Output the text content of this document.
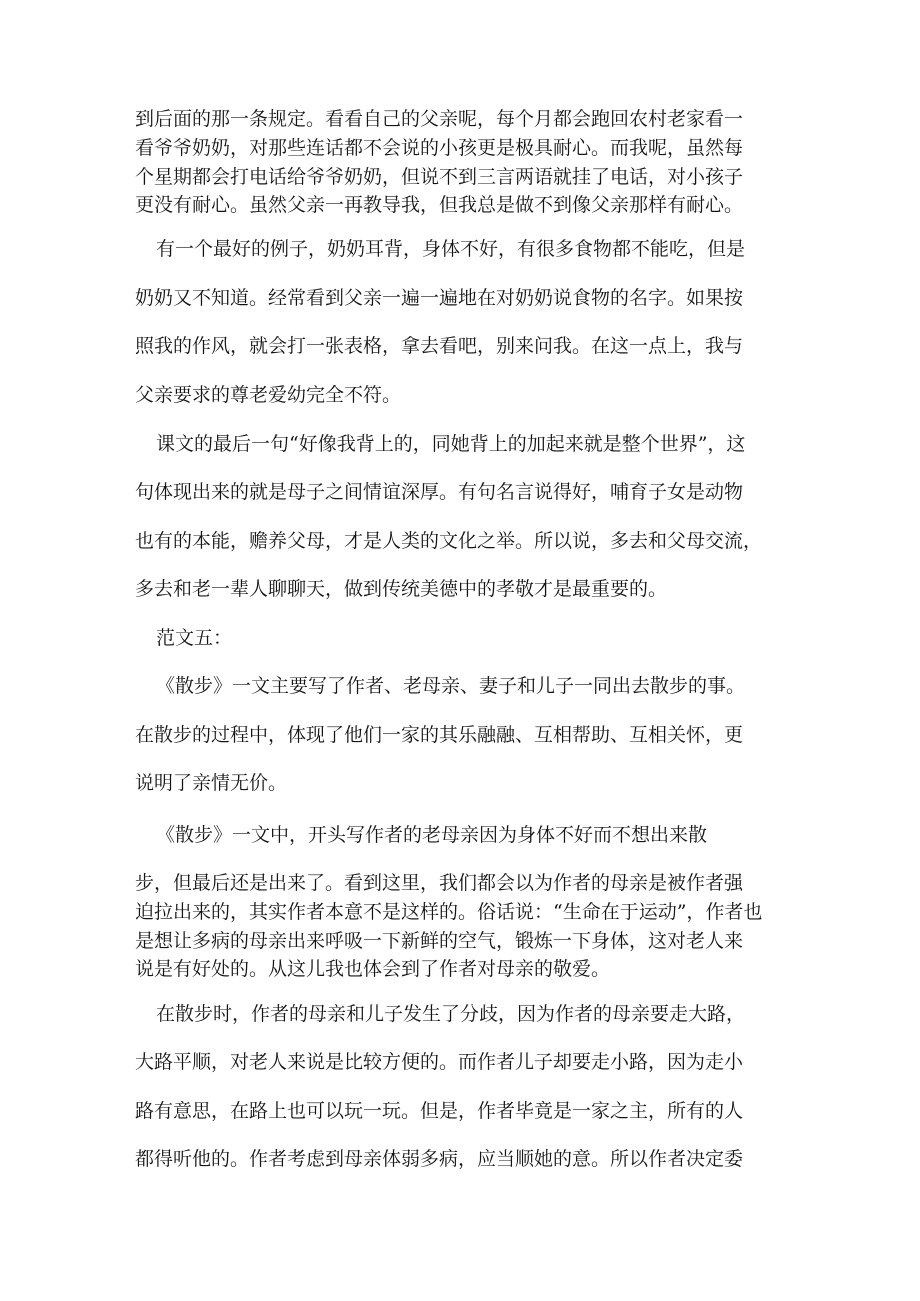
到后面的那一条规定。看看自己的父亲呢，每个月都会跑回农村老家看一

看爷爷奶奶，对那些连话都不会说的小孩更是极具耐心。而我呢，虽然每

个星期都会打电话给爷爷奶奶，但说不到三言两语就挂了电话，对小孩子

更没有耐心。虽然父亲一再教导我，但我总是做不到像父亲那样有耐心。

有一个最好的例子，奶奶耳背，身体不好，有很多食物都不能吃，但是

奶奶又不知道。经常看到父亲一遍一遍地在对奶奶说食物的名字。如果按

照我的作风，就会打一张表格，拿去看吧，别来问我。在这一点上，我与

父亲要求的尊老爱幼完全不符。

课文的最后一句“好像我背上的，同她背上的加起来就是整个世界”，这

句体现出来的就是母子之间情谊深厚。有句名言说得好，哺育子女是动物

也有的本能，赡养父母，才是人类的文化之举。所以说，多去和父母交流，

多去和老一辈人聊聊天，做到传统美德中的孝敬才是最重要的。

范文五：

《散步》一文主要写了作者、老母亲、妻子和儿子一同出去散步的事。

在散步的过程中，体现了他们一家的其乐融融、互相帮助、互相关怀，更

说明了亲情无价。

《散步》一文中，开头写作者的老母亲因为身体不好而不想出来散

步，但最后还是出来了。看到这里，我们都会以为作者的母亲是被作者强

迫拉出来的，其实作者本意不是这样的。俗话说：“生命在于运动”，作者也

是想让多病的母亲出来呼吸一下新鲜的空气，锻炼一下身体，这对老人来

说是有好处的。从这儿我也体会到了作者对母亲的敬爱。

在散步时，作者的母亲和儿子发生了分歧，因为作者的母亲要走大路，

大路平顺，对老人来说是比较方便的。而作者儿子却要走小路，因为走小

路有意思，在路上也可以玩一玩。但是，作者毕竟是一家之主，所有的人

都得听他的。作者考虑到母亲体弱多病，应当顺她的意。所以作者决定委
